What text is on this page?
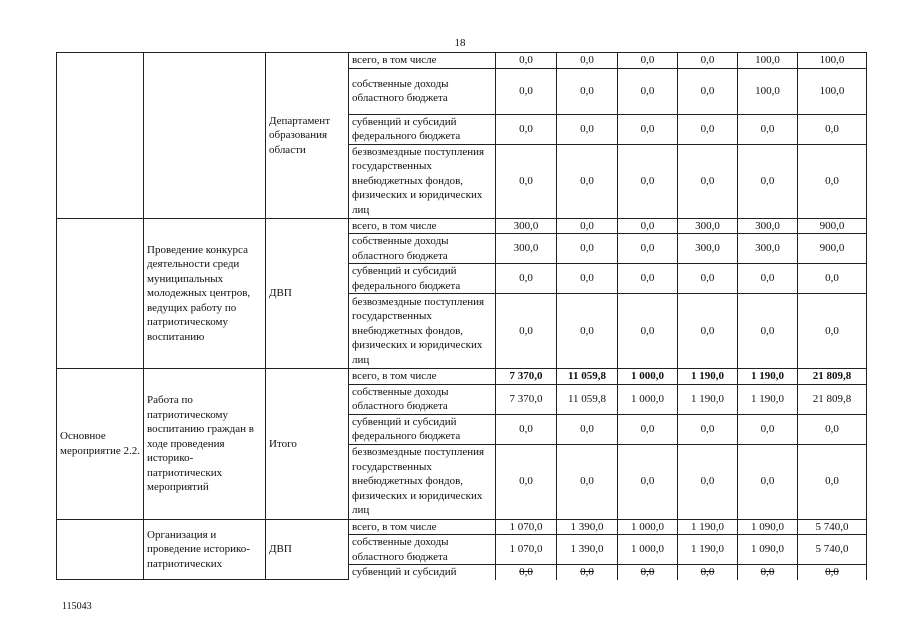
18
		Департамент образования области	всего, в том числе	0,0	0,0	0,0	0,0	100,0	100,0
			собственные доходы областного бюджета	0,0	0,0	0,0	0,0	100,0	100,0
			субвенций и субсидий федерального бюджета	0,0	0,0	0,0	0,0	0,0	0,0
			безвозмездные поступления государственных внебюджетных фондов, физических и юридических лиц	0,0	0,0	0,0	0,0	0,0	0,0
	Проведение конкурса деятельности среди муниципальных молодежных центров, ведущих работу по патриотическому воспитанию	ДВП	всего, в том числе	300,0	0,0	0,0	300,0	300,0	900,0
			собственные доходы областного бюджета	300,0	0,0	0,0	300,0	300,0	900,0
			субвенций и субсидий федерального бюджета	0,0	0,0	0,0	0,0	0,0	0,0
			безвозмездные поступления государственных внебюджетных фондов, физических и юридических лиц	0,0	0,0	0,0	0,0	0,0	0,0
Основное мероприятие 2.2.	Работа по патриотическому воспитанию граждан в ходе проведения историко-патриотических мероприятий	Итого	всего, в том числе	7 370,0	11 059,8	1 000,0	1 190,0	1 190,0	21 809,8
			собственные доходы областного бюджета	7 370,0	11 059,8	1 000,0	1 190,0	1 190,0	21 809,8
			субвенций и субсидий федерального бюджета	0,0	0,0	0,0	0,0	0,0	0,0
			безвозмездные поступления государственных внебюджетных фондов, физических и юридических лиц	0,0	0,0	0,0	0,0	0,0	0,0
	Организация и проведение историко-патриотических	ДВП	всего, в том числе	1 070,0	1 390,0	1 000,0	1 190,0	1 090,0	5 740,0
			собственные доходы областного бюджета	1 070,0	1 390,0	1 000,0	1 190,0	1 090,0	5 740,0
			субвенций и субсидий	0,0	0,0	0,0	0,0	0,0	0,0
115043
